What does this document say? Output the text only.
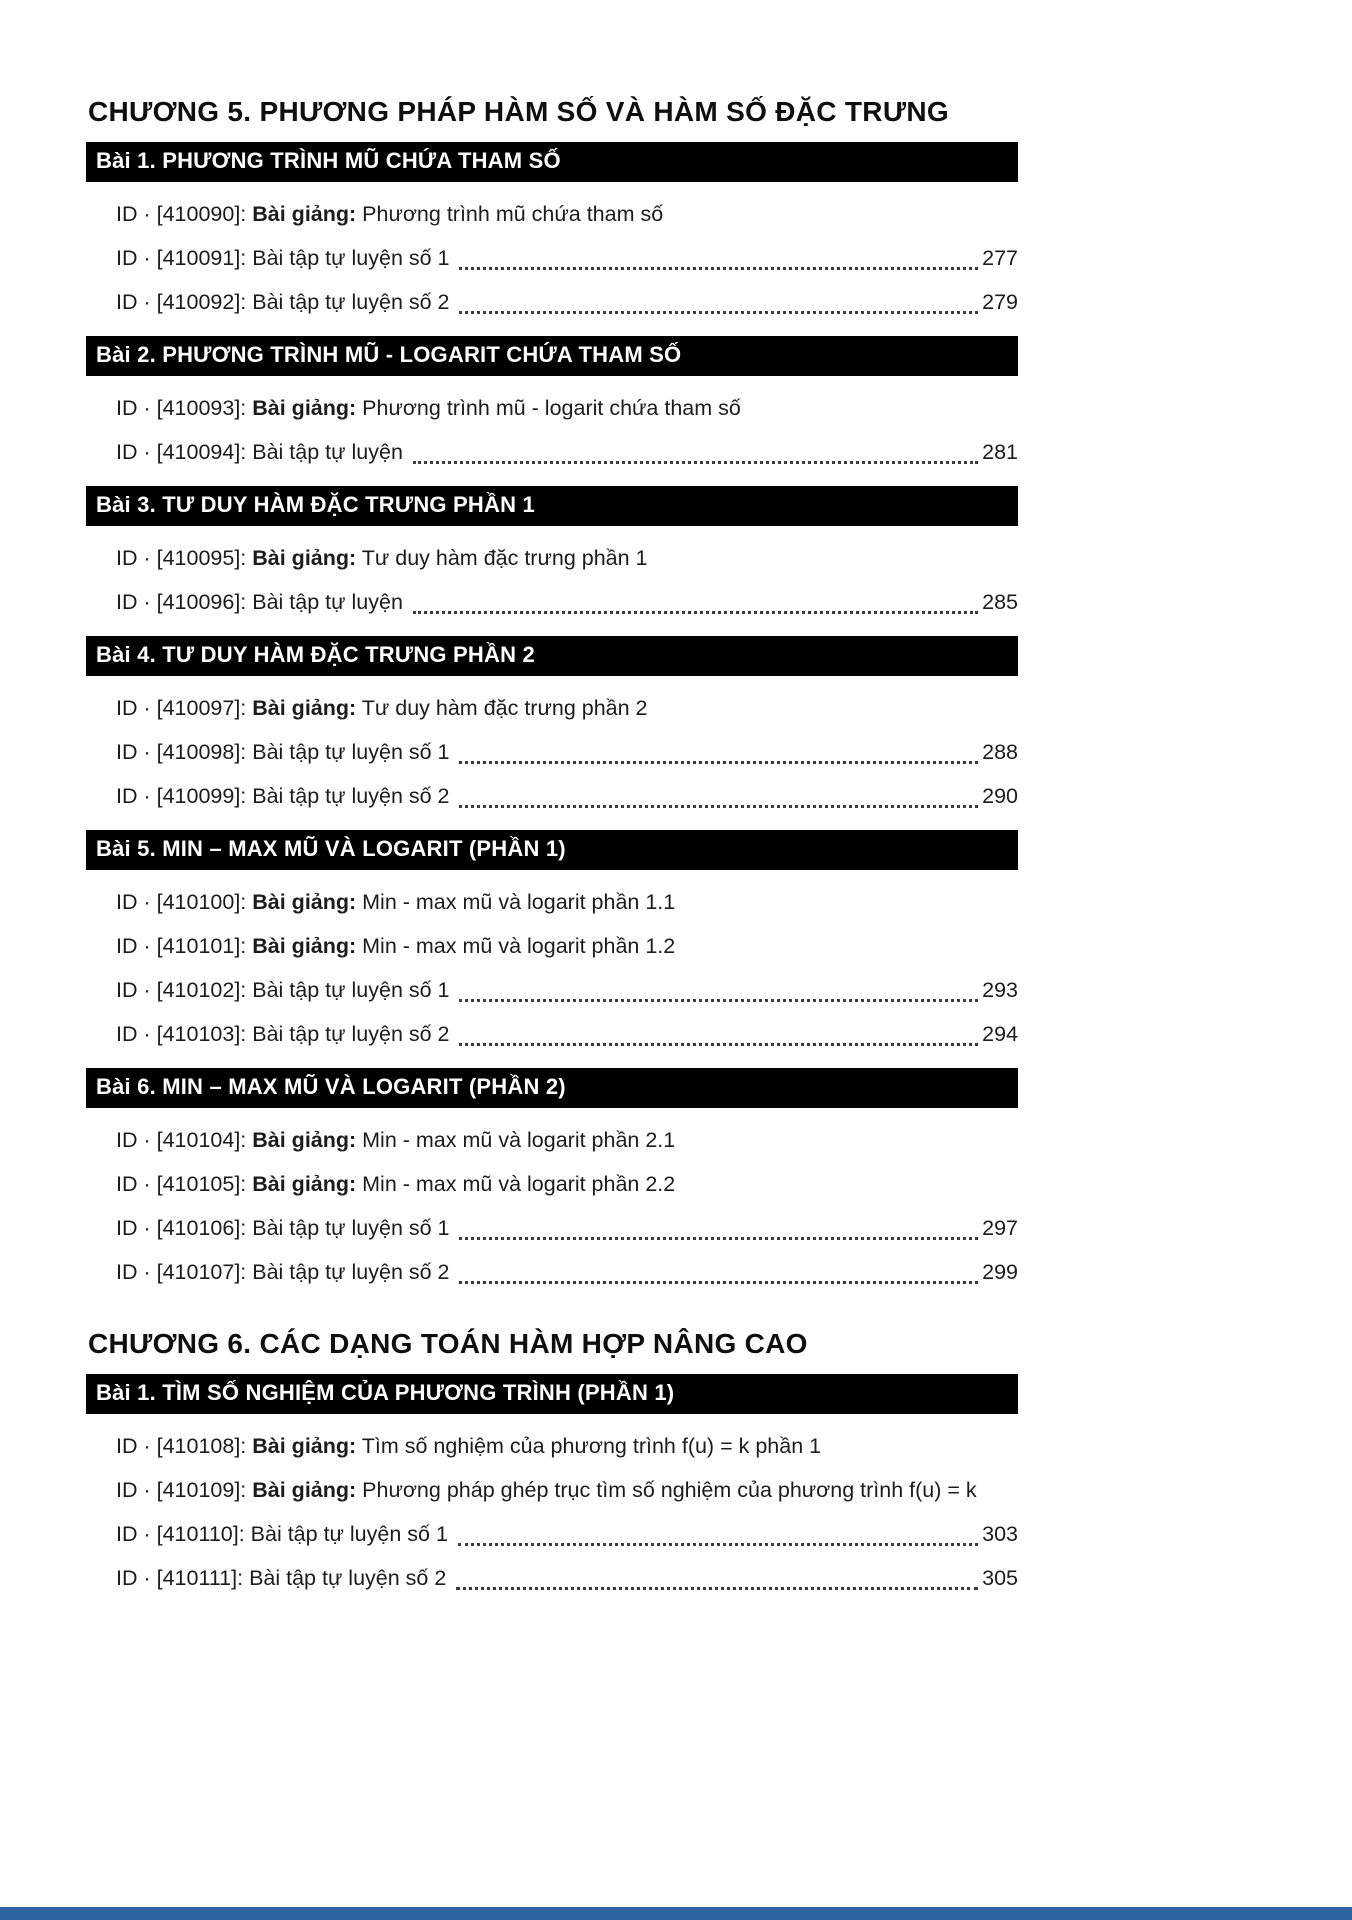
CHƯƠNG 5. PHƯƠNG PHÁP HÀM SỐ VÀ HÀM SỐ ĐẶC TRƯNG
Bài 1. PHƯƠNG TRÌNH MŨ CHỨA THAM SỐ
ID · [410090]: Bài giảng: Phương trình mũ chứa tham số
ID · [410091]: Bài tập tự luyện số 1	277
ID · [410092]: Bài tập tự luyện số 2	279
Bài 2. PHƯƠNG TRÌNH MŨ - LOGARIT CHỨA THAM SỐ
ID · [410093]: Bài giảng: Phương trình mũ - logarit chứa tham số
ID · [410094]: Bài tập tự luyện	281
Bài 3. TƯ DUY HÀM ĐẶC TRƯNG PHẦN 1
ID · [410095]: Bài giảng: Tư duy hàm đặc trưng phần 1
ID · [410096]: Bài tập tự luyện	285
Bài 4. TƯ DUY HÀM ĐẶC TRƯNG PHẦN 2
ID · [410097]: Bài giảng: Tư duy hàm đặc trưng phần 2
ID · [410098]: Bài tập tự luyện số 1	288
ID · [410099]: Bài tập tự luyện số 2	290
Bài 5. MIN – MAX MŨ VÀ LOGARIT (PHẦN 1)
ID · [410100]: Bài giảng: Min - max mũ và logarit phần 1.1
ID · [410101]: Bài giảng: Min - max mũ và logarit phần 1.2
ID · [410102]: Bài tập tự luyện số 1	293
ID · [410103]: Bài tập tự luyện số 2	294
Bài 6. MIN – MAX MŨ VÀ LOGARIT (PHẦN 2)
ID · [410104]: Bài giảng: Min - max mũ và logarit phần 2.1
ID · [410105]: Bài giảng: Min - max mũ và logarit phần 2.2
ID · [410106]: Bài tập tự luyện số 1	297
ID · [410107]: Bài tập tự luyện số 2	299
CHƯƠNG 6. CÁC DẠNG TOÁN HÀM HỢP NÂNG CAO
Bài 1. TÌM SỐ NGHIỆM CỦA PHƯƠNG TRÌNH (PHẦN 1)
ID · [410108]: Bài giảng: Tìm số nghiệm của phương trình f(u) = k phần 1
ID · [410109]: Bài giảng: Phương pháp ghép trục tìm số nghiệm của phương trình f(u) = k
ID · [410110]: Bài tập tự luyện số 1	303
ID · [410111]: Bài tập tự luyện số 2	305
